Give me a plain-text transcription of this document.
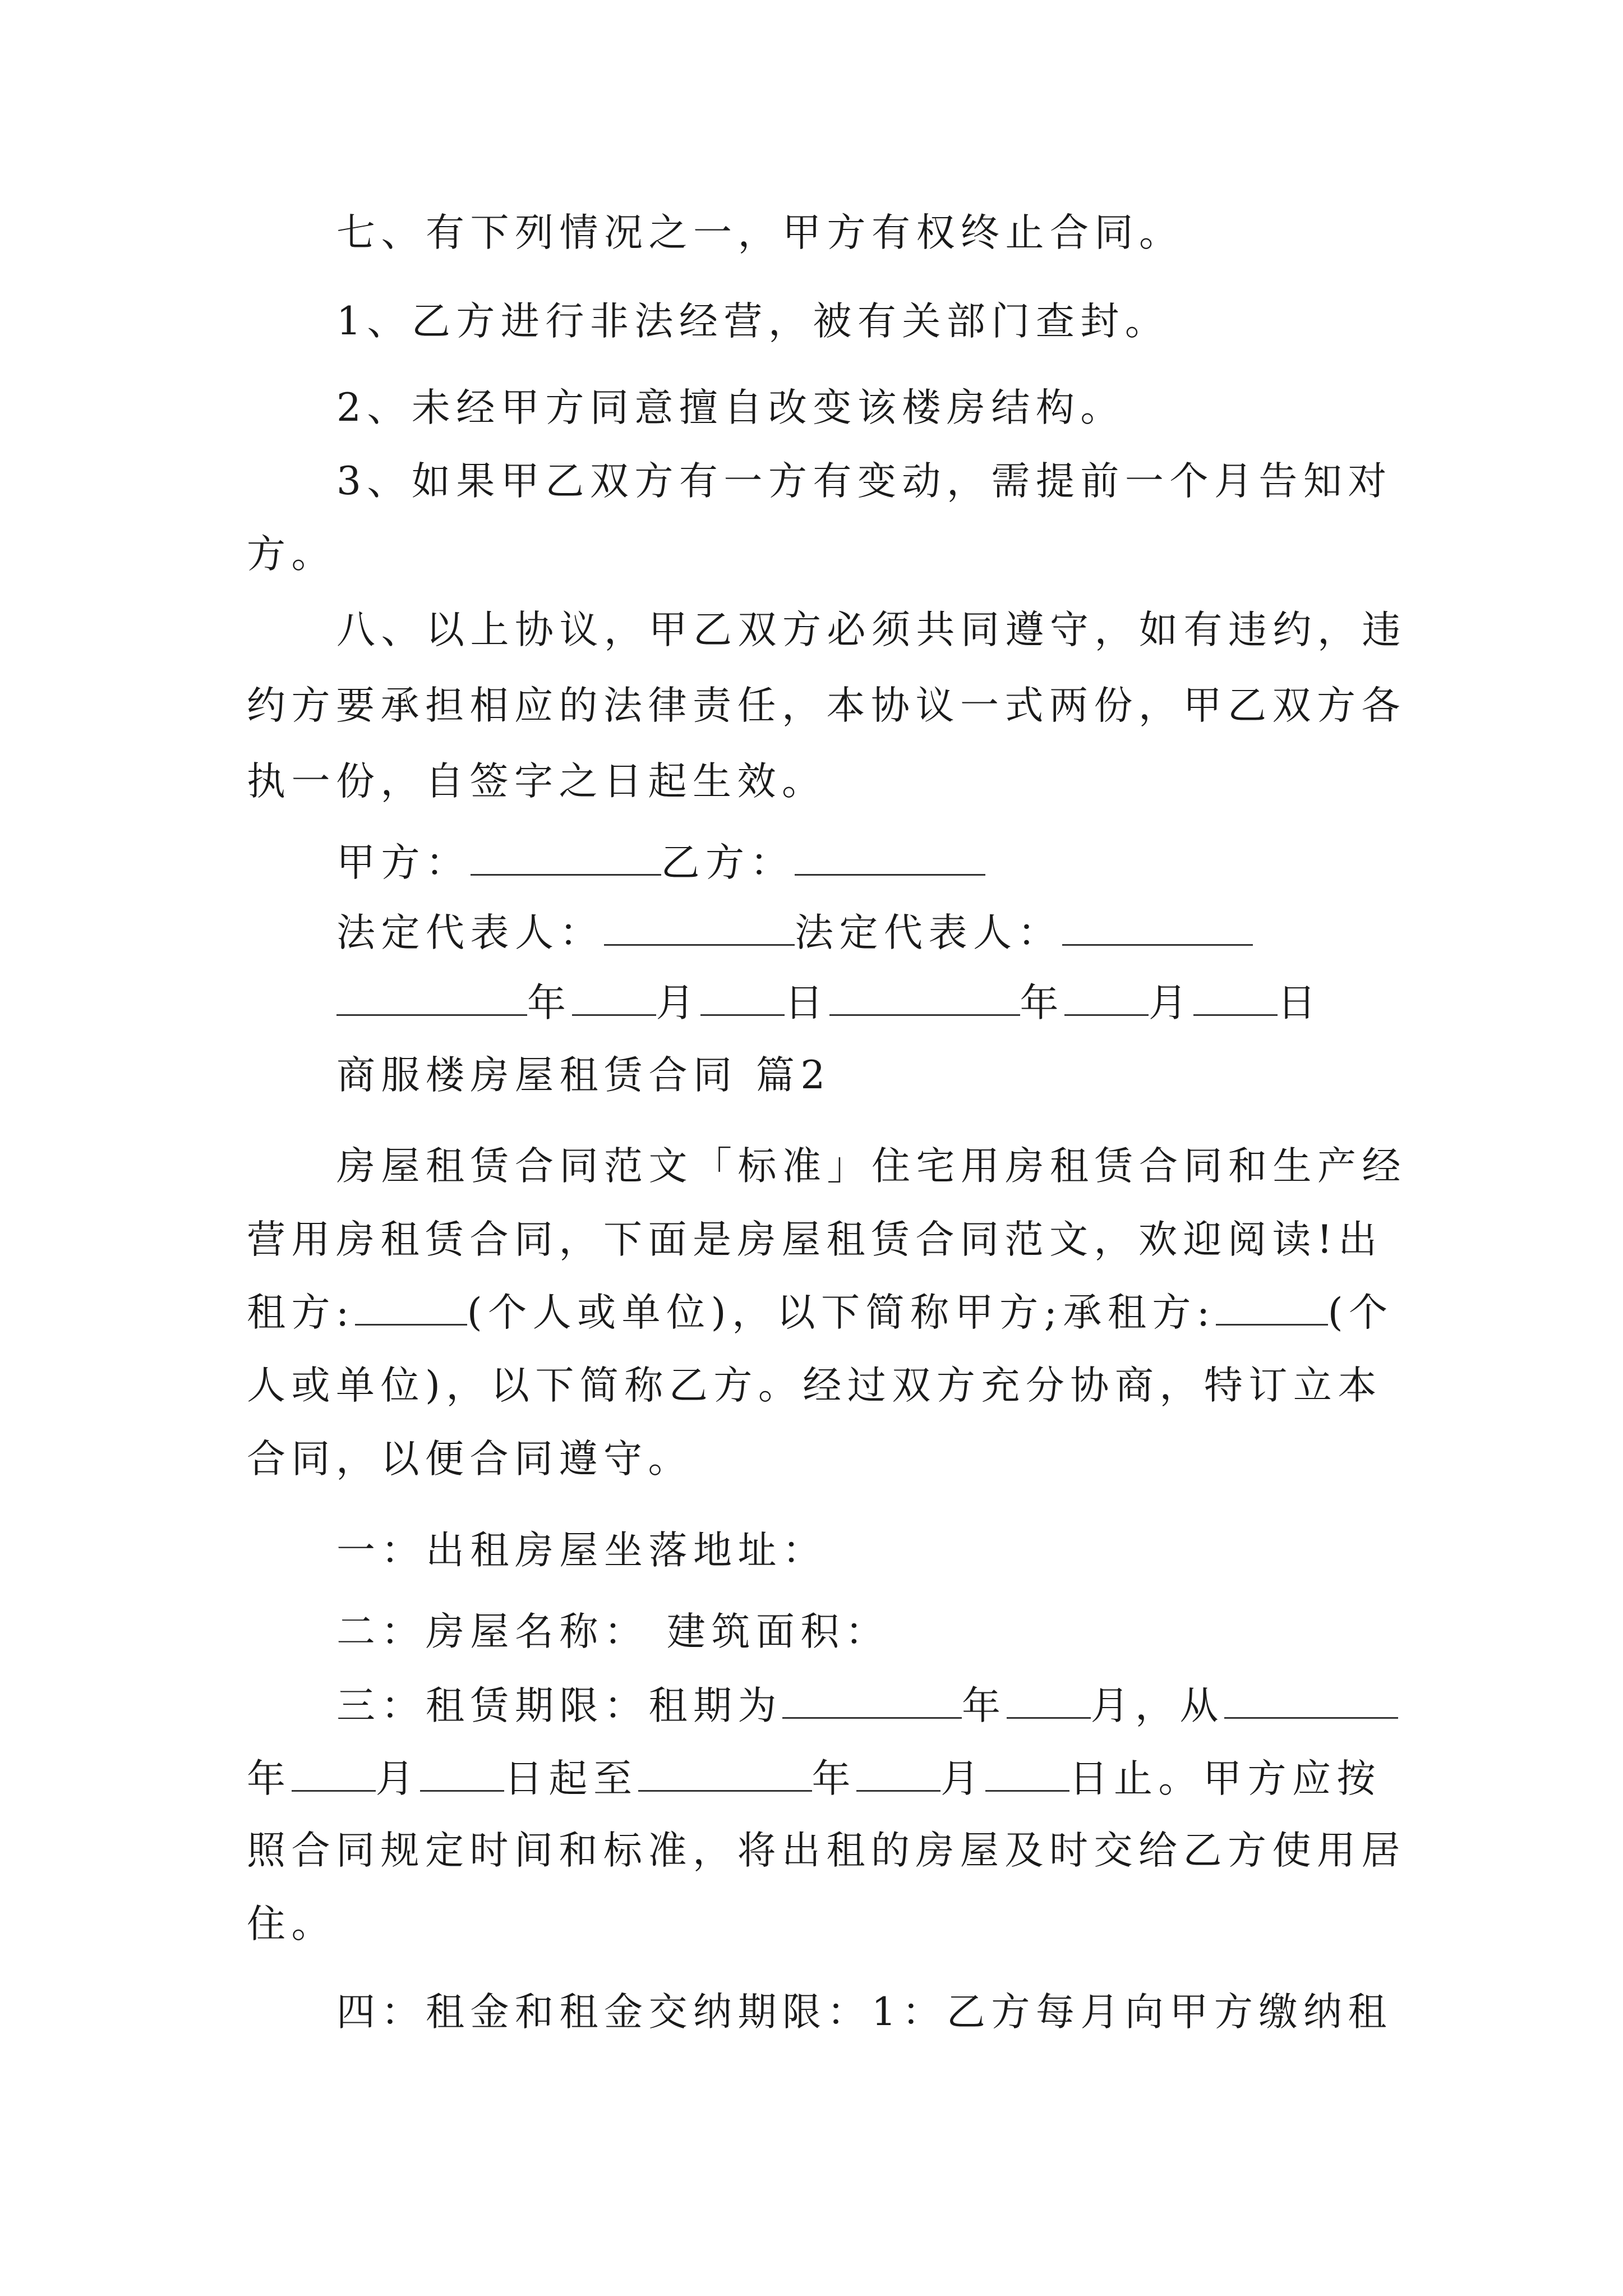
七、有下列情况之一，甲方有权终止合同。
1、乙方进行非法经营，被有关部门查封。
2、未经甲方同意擅自改变该楼房结构。
3、如果甲乙双方有一方有变动，需提前一个月告知对
方。
八、以上协议，甲乙双方必须共同遵守，如有违约，违
约方要承担相应的法律责任，本协议一式两份，甲乙双方各
执一份，自签字之日起生效。
甲方：	乙方：
法定代表人：	法定代表人：
年 月 日	年 月 日
商服楼房屋租赁合同 篇2
房屋租赁合同范文「标准」住宅用房租赁合同和生产经
营用房租赁合同，下面是房屋租赁合同范文，欢迎阅读!出
租方:	(个人或单位)，以下简称甲方;承租方:	(个
人或单位)，以下简称乙方。经过双方充分协商，特订立本
合同，以便合同遵守。
一：出租房屋坐落地址：
二：房屋名称： 建筑面积：
三：租赁期限：租期为	年 月，从
年 月 日起至	年 月 日止。甲方应按
照合同规定时间和标准，将出租的房屋及时交给乙方使用居
住。
四：租金和租金交纳期限：1：乙方每月向甲方缴纳租
